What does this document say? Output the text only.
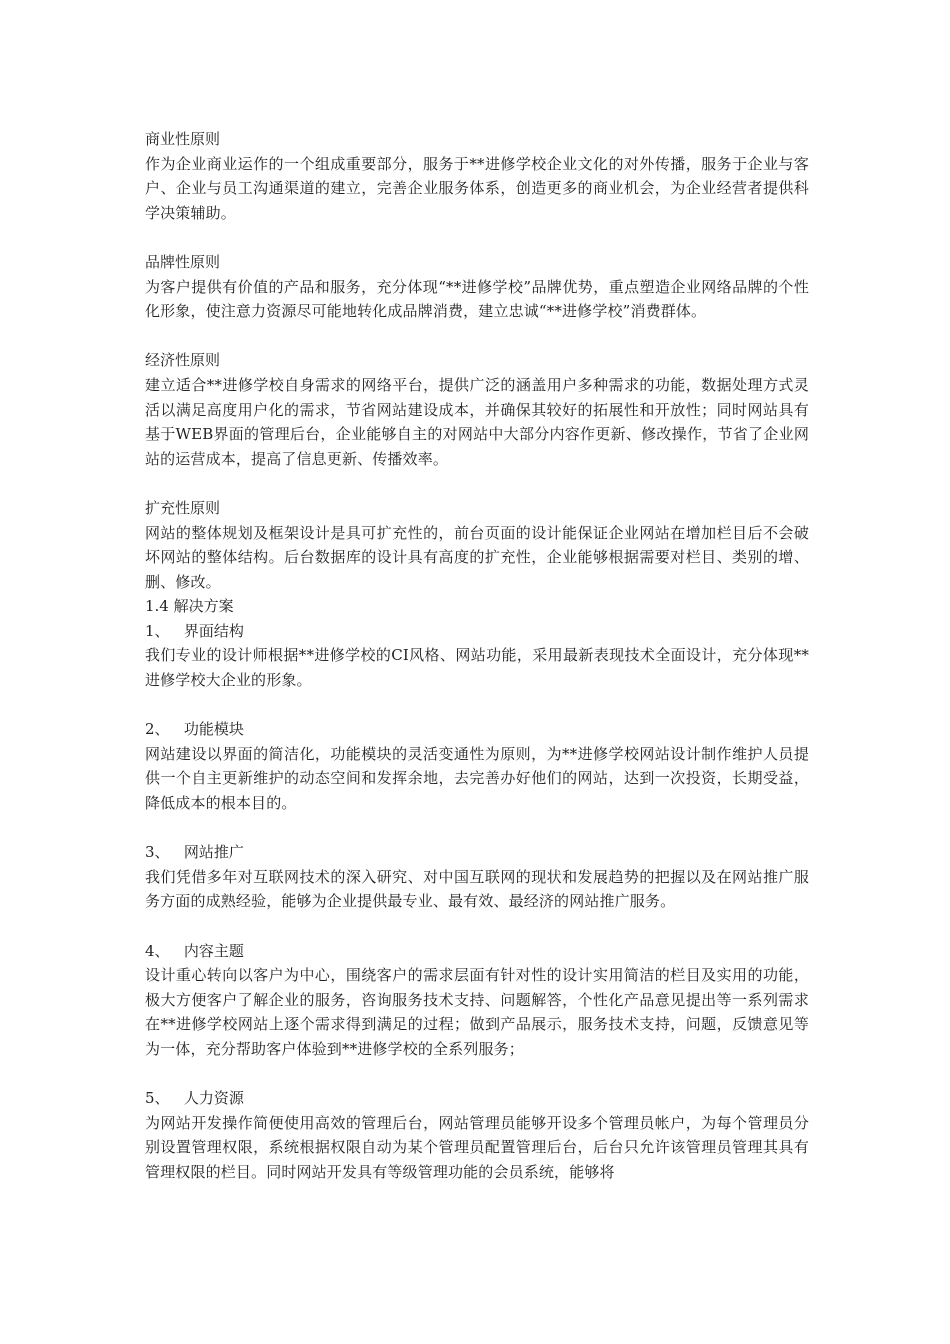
商业性原则

作为企业商业运作的一个组成重要部分，服务于**进修学校企业文化的对外传播，服务于企业与客户、企业与员工沟通渠道的建立，完善企业服务体系，创造更多的商业机会，为企业经营者提供科学决策辅助。

品牌性原则

为客户提供有价值的产品和服务，充分体现“**进修学校”品牌优势，重点塑造企业网络品牌的个性化形象，使注意力资源尽可能地转化成品牌消费，建立忠诚“**进修学校”消费群体。

经济性原则

建立适合**进修学校自身需求的网络平台，提供广泛的涵盖用户多种需求的功能，数据处理方式灵活以满足高度用户化的需求，节省网站建设成本，并确保其较好的拓展性和开放性；同时网站具有基于WEB界面的管理后台，企业能够自主的对网站中大部分内容作更新、修改操作，节省了企业网站的运营成本，提高了信息更新、传播效率。

扩充性原则

网站的整体规划及框架设计是具可扩充性的，前台页面的设计能保证企业网站在增加栏目后不会破坏网站的整体结构。后台数据库的设计具有高度的扩充性，企业能够根据需要对栏目、类别的增、删、修改。

1.4 解决方案

1、   界面结构

我们专业的设计师根据**进修学校的CI风格、网站功能，采用最新表现技术全面设计，充分体现**进修学校大企业的形象。

2、   功能模块

网站建设以界面的简洁化，功能模块的灵活变通性为原则，为**进修学校网站设计制作维护人员提供一个自主更新维护的动态空间和发挥余地，去完善办好他们的网站，达到一次投资，长期受益，降低成本的根本目的。

3、   网站推广

我们凭借多年对互联网技术的深入研究、对中国互联网的现状和发展趋势的把握以及在网站推广服务方面的成熟经验，能够为企业提供最专业、最有效、最经济的网站推广服务。

4、   内容主题

设计重心转向以客户为中心，围绕客户的需求层面有针对性的设计实用简洁的栏目及实用的功能，极大方便客户了解企业的服务，咨询服务技术支持、问题解答，个性化产品意见提出等一系列需求在**进修学校网站上逐个需求得到满足的过程；做到产品展示，服务技术支持，问题，反馈意见等为一体，充分帮助客户体验到**进修学校的全系列服务；

5、   人力资源

为网站开发操作简便使用高效的管理后台，网站管理员能够开设多个管理员帐户，为每个管理员分别设置管理权限，系统根据权限自动为某个管理员配置管理后台，后台只允许该管理员管理其具有管理权限的栏目。同时网站开发具有等级管理功能的会员系统，能够将
